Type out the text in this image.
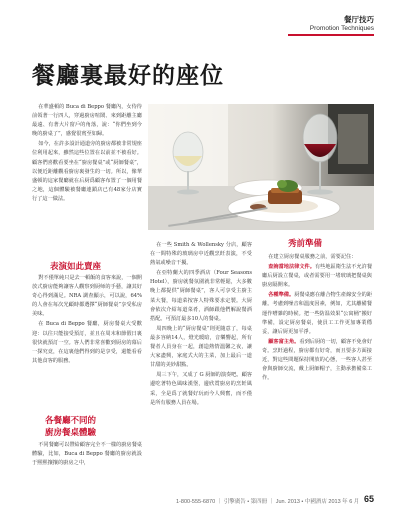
餐厅技巧
Promotion Techniques
餐廳裏最好的座位

在華盛頓的 Buca di Beppo 餐廳內，女侍待前領著一行四人，穿過廚房喧鬧、來到距離主廳最遠、有著大片窗戶的角落，說：“你們坐到今晚的廚桌了”，感覺很賓至如歸。

如今，在許多設計通道旁的廚房都被非常規座位利用起來，雖然這些位置在以前並不被看好。顧客們喜歡看要坐在“廚房餐桌”或“厨師餐桌”，以便近距離觀看廚房裏發生的一切。所以，像華盛頓的這家餐廳就在后厨爲顧客布置了一個用餐之地，這個體驗被餐廳連鎖店已有48家分店實行了這一做法。

表演如此賣座

對不僅單純只是去一頓飯的食客來說，一個開放式廚房能夠讓客人觀察到厨师的手藝，讓其好奇心得到滿足。NRA 調查顯示，可以說，64% 的人會在每次光顧時都選擇“厨師餐桌”享受私房美味。

在 Buca di Beppo 餐廳，厨房餐桌大受歡迎：以往只能接受預訂，並且在周末和節假日裏很快就預訂一空。客人們非常喜歡到厨房的幕后一探究竟，在這裏他們得到的是享受，還能看看其他食客的服務。

各餐廳不同的
廚房餐桌體驗

不同餐廳可以帶給顧客完全不一樣的廚房餐桌體驗，比如，Buca di Beppo 餐廳的廚房就設于熙熙攘攘的廚房之中，

在一些 Smith & Wollensky 分店，顧客在一間特殊的玻璃房中近觀烹飪表演，不受熱氣或噪音干擾。

在亞特蘭大的四季酒店（Four Seasons Hotel），廚房就餐氛圍就非常輕鬆，大多數晚上都提供“厨師餐桌”，客人可享受主廚主菜大餐，每道菜按客人特殊要求定製。大厨會依次介紹每道菜肴，酒師跟他們解說餐酒搭配。可預訂最多10人的餐桌。

周四晚上的“厨房餐桌”則更隨意了，每桌最多容納14人，燈光暖暗，音樂響起，所有餐者人員身在一起，創造熱情溫馨之夜，讓大家盡興，家庭式大的主菜，加上最后一道甘甜的美妙甜點。

周三下午，又成了 G 厨師的演奏吧。顧客邊吃著特色風味漢堡，邊欣賞廚房的烹飪風采，全是爲了就餐好玩而今人興奮，而不僅是所有服務人員在場。

秀前準備

在建立厨房餐桌服務之前，需要記住：

查詢當地法律文件。有些地區衛生法不允許餐廳后厨設立餐桌，或者需要用一堵玻璃把餐桌與廚房隔開來。

各種準備。厨餐桌應在離合物生產線安全的距離。考慮到噪音和溫度因素，例如，尤其離備餐運作嘈雜的時候。把一些防温效果“公寓桶”搬好準備，設定厨房餐桌，使員工工作更加專業穩妥，讓后厨更加平淨。

顧客富主角。看到后厨的一切，顧客不免會好奇。烹飪過程，廚房都有好奇，而且要多方面接近，對這些問題保持開放的心態，一些客人甚至會與廚師交流，戴上厨師帽子，主動承擔備菜工作。

1-800-555-6870 ｜ 引擎廣告 • 第四冊 ｜ Jun. 2013 • 中國酒店 2013 年 6 月 65
